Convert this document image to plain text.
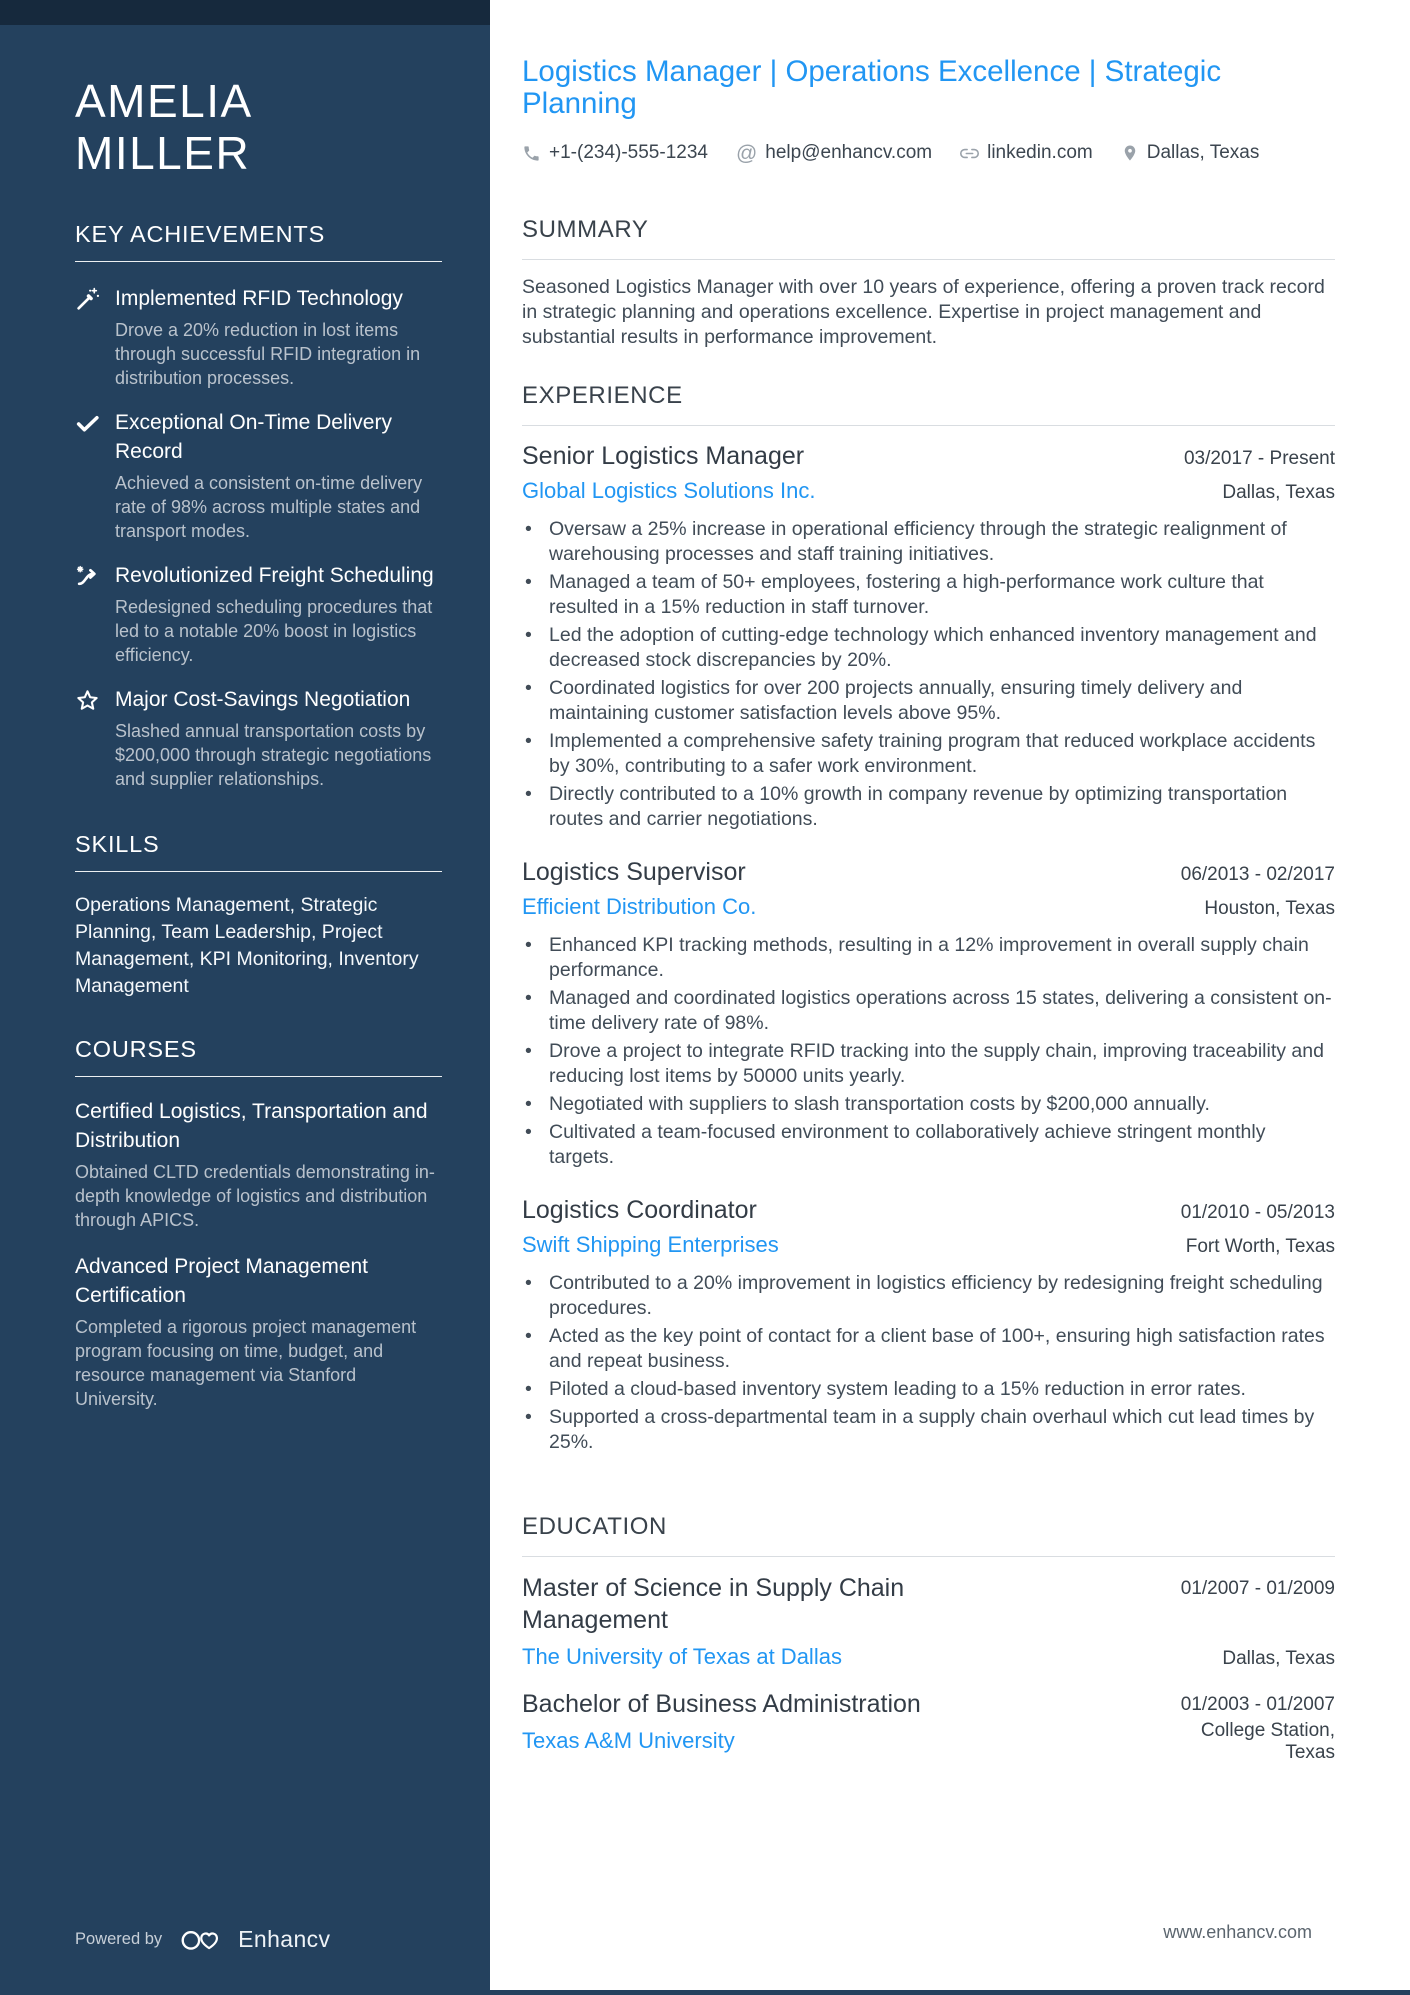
AMELIA
MILLER
KEY ACHIEVEMENTS
Implemented RFID Technology
Drove a 20% reduction in lost items through successful RFID integration in distribution processes.
Exceptional On-Time Delivery Record
Achieved a consistent on-time delivery rate of 98% across multiple states and transport modes.
Revolutionized Freight Scheduling
Redesigned scheduling procedures that led to a notable 20% boost in logistics efficiency.
Major Cost-Savings Negotiation
Slashed annual transportation costs by $200,000 through strategic negotiations and supplier relationships.
SKILLS
Operations Management, Strategic Planning, Team Leadership, Project Management, KPI Monitoring, Inventory Management
COURSES
Certified Logistics, Transportation and Distribution
Obtained CLTD credentials demonstrating in-depth knowledge of logistics and distribution through APICS.
Advanced Project Management Certification
Completed a rigorous project management program focusing on time, budget, and resource management via Stanford University.
Powered by	Enhancv
Logistics Manager | Operations Excellence | Strategic Planning
+1-(234)-555-1234 @ help@enhancv.com	linkedin.com	Dallas, Texas
SUMMARY
Seasoned Logistics Manager with over 10 years of experience, offering a proven track record in strategic planning and operations excellence. Expertise in project management and substantial results in performance improvement.
EXPERIENCE
Senior Logistics Manager	03/2017 - Present
Global Logistics Solutions Inc.	Dallas, Texas
• Oversaw a 25% increase in operational efficiency through the strategic realignment of warehousing processes and staff training initiatives.
• Managed a team of 50+ employees, fostering a high-performance work culture that resulted in a 15% reduction in staff turnover.
• Led the adoption of cutting-edge technology which enhanced inventory management and decreased stock discrepancies by 20%.
• Coordinated logistics for over 200 projects annually, ensuring timely delivery and maintaining customer satisfaction levels above 95%.
• Implemented a comprehensive safety training program that reduced workplace accidents by 30%, contributing to a safer work environment.
• Directly contributed to a 10% growth in company revenue by optimizing transportation routes and carrier negotiations.
Logistics Supervisor	06/2013 - 02/2017
Efficient Distribution Co.	Houston, Texas
• Enhanced KPI tracking methods, resulting in a 12% improvement in overall supply chain performance.
• Managed and coordinated logistics operations across 15 states, delivering a consistent on-time delivery rate of 98%.
• Drove a project to integrate RFID tracking into the supply chain, improving traceability and reducing lost items by 50000 units yearly.
• Negotiated with suppliers to slash transportation costs by $200,000 annually.
• Cultivated a team-focused environment to collaboratively achieve stringent monthly targets.
Logistics Coordinator	01/2010 - 05/2013
Swift Shipping Enterprises	Fort Worth, Texas
• Contributed to a 20% improvement in logistics efficiency by redesigning freight scheduling procedures.
• Acted as the key point of contact for a client base of 100+, ensuring high satisfaction rates and repeat business.
• Piloted a cloud-based inventory system leading to a 15% reduction in error rates.
• Supported a cross-departmental team in a supply chain overhaul which cut lead times by 25%.
EDUCATION
Master of Science in Supply Chain Management
01/2007 - 01/2009
The University of Texas at Dallas	Dallas, Texas
Bachelor of Business Administration	01/2003 - 01/2007
Texas A&M University	College Station, Texas
www.enhancv.com
